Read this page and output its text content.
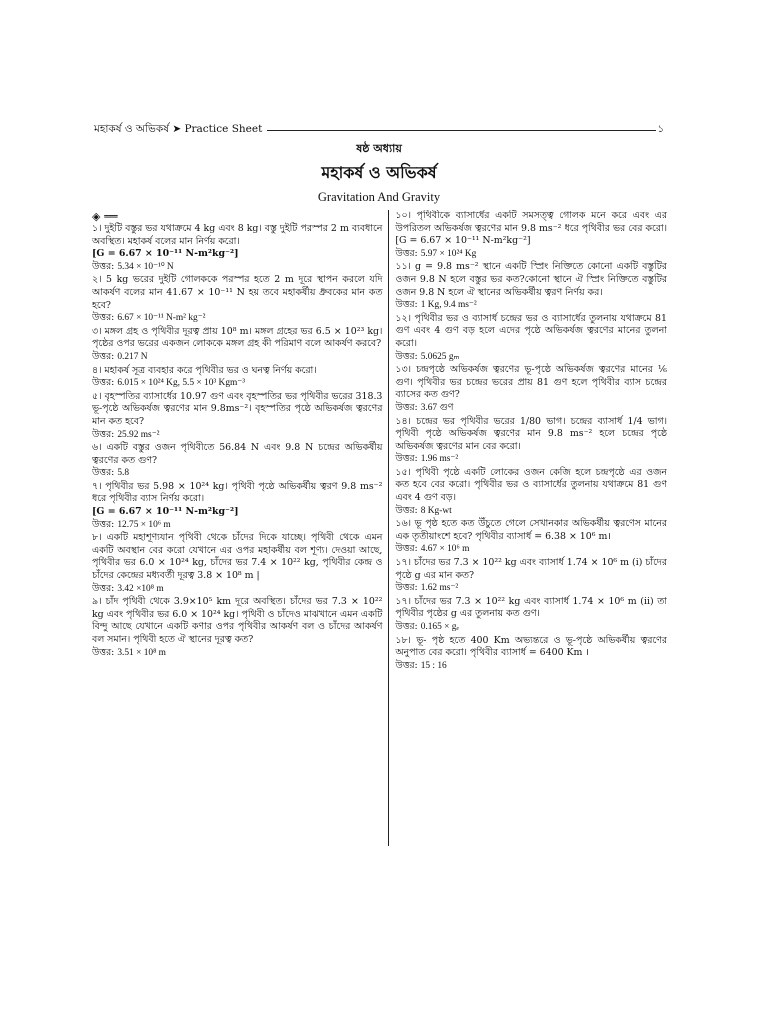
মহাকর্ষ ও অভিকর্ষ ➤ Practice Sheet	১
ষষ্ঠ অধ্যায়
মহাকর্ষ ও অভিকর্ষ
Gravitation And Gravity
◈ ══

১। দুইটি বস্তুর ভর যথাক্রমে 4 kg এবং 8 kg। বস্তু দুইটি পরস্পর 2 m ব্যবধানে অবস্থিত। মহাকর্ষ বলের মান নির্ণয় করো।

[G = 6.67 × 10⁻¹¹ N-m²kg⁻²]

উত্তর: 5.34 × 10⁻¹⁰ N

২। 5 kg ভরের দুইটি গোলককে পরস্পর হতে 2 m দূরে স্থাপন করলে যদি আকর্ষণ বলের মান 41.67 × 10⁻¹¹ N হয় তবে মহাকর্ষীয় ধ্রুবকের মান কত হবে?

উত্তর: 6.67 × 10⁻¹¹ N-m² kg⁻²

৩। মঙ্গল গ্রহ ও পৃথিবীর দূরত্ব প্রায় 10⁸ m। মঙ্গল গ্রহের ভর 6.5 × 10²³ kg। পৃষ্ঠের ওপর ভরের একজন লোককে মঙ্গল গ্রহ কী পরিমাণ বলে আকর্ষণ করবে?

উত্তর: 0.217 N

৪। মহাকর্ষ সূত্র ব্যবহার করে পৃথিবীর ভর ও ঘনত্ব নির্ণয় করো।

উত্তর: 6.015 × 10²⁴ Kg, 5.5 × 10³ Kgm⁻³

৫। বৃহস্পতির ব্যাসার্ধের 10.97 গুণ এবং বৃহস্পতির ভর পৃথিবীর ভরের 318.3 ভূ-পৃষ্ঠে অভিকর্ষজ ত্বরণের মান 9.8ms⁻²। বৃহস্পতির পৃষ্ঠে অভিকর্ষজ ত্বরণের মান কত হবে?

উত্তর: 25.92 ms⁻²

৬। একটি বস্তুর ওজন পৃথিবীতে 56.84 N এবং 9.8 N চন্দ্রের অভিকর্ষীয় ত্বরণের কত গুণ?

উত্তর: 5.8

৭। পৃথিবীর ভর 5.98 × 10²⁴ kg। পৃথিবী পৃষ্ঠে অভিকর্ষীয় ত্বরণ 9.8 ms⁻² ধরে পৃথিবীর ব্যাস নির্ণয় করো।

[G = 6.67 × 10⁻¹¹ N-m²kg⁻²]

উত্তর: 12.75 × 10⁶ m

৮। একটি মহাশূণ্যযান পৃথিবী থেকে চাঁদের দিকে যাচ্ছে। পৃথিবী থেকে এমন একটি অবস্থান বের করো যেখানে এর ওপর মহাকর্ষীয় বল শূণ্য। দেওয়া আছে, পৃথিবীর ভর 6.0 × 10²⁴ kg, চাঁদের ভর 7.4 × 10²² kg, পৃথিবীর কেন্দ্র ও চাঁদের কেন্দ্রের মধ্যবর্তী দূরত্ব 3.8 × 10⁸ m |

উত্তর: 3.42 ×10⁸ m

৯। চাঁদ পৃথিবী থেকে 3.9×10⁵ km দূরে অবস্থিত। চাঁদের ভর 7.3 × 10²² kg এবং পৃথিবীর ভর 6.0 × 10²⁴ kg। পৃথিবী ও চাঁদেও মাঝখানে এমন একটি বিন্দু আছে যেখানে একটি কণার ওপর পৃথিবীর আকর্ষণ বল ও চাঁদের আকর্ষণ বল সমান। পৃথিবী হতে ঐ স্থানের দূরত্ব কত?

উত্তর: 3.51 × 10⁸ m

১০। পৃথিবীকে ব্যাসার্ধের একটি সমসত্ত্ব গোলক মনে করে এবং এর উপরিতল অভিকর্ষজ ত্বরণের মান 9.8 ms⁻² ধরে পৃথিবীর ভর বের করো। [G = 6.67 × 10⁻¹¹ N-m²kg⁻²]

উত্তর: 5.97 × 10²⁴ Kg

১১। g = 9.8 ms⁻² স্থানে একটি স্প্রিং নিক্তিতে কোনো একটি বস্তুটির ওজন 9.8 N হলে বস্তুর ভর কত?কোনো স্থানে ঐ স্প্রিং নিক্তিতে বস্তুটির ওজন 9.8 N হলে ঐ স্থানের অভিকর্ষীয় ত্বরণ নির্ণয় কর।

উত্তর: 1 Kg, 9.4 ms⁻²

১২। পৃথিবীর ভর ও ব্যাসার্ধ চন্দ্রের ভর ও ব্যাসার্ধের তুলনায় যথাক্রমে 81 গুণ এবং 4 গুণ বড় হলে এদের পৃষ্ঠে অভিকর্ষজ ত্বরণের মানের তুলনা করো।

উত্তর: 5.0625 gₘ

১৩। চন্দ্রপৃষ্ঠে অভিকর্ষজ ত্বরণের ভূ-পৃষ্ঠে অভিকর্ষজ ত্বরণের মানের ⅙ গুণ। পৃথিবীর ভর চন্দ্রের ভরের প্রায় 81 গুণ হলে পৃথিবীর ব্যাস চন্দ্রের ব্যাসের কত গুণ?

উত্তর: 3.67 গুণ

১৪। চন্দ্রের ভর পৃথিবীর ভরের 1/80 ভাগ। চন্দ্রের ব্যাসার্ধ 1/4 ভাগ। পৃথিবী পৃষ্ঠে অভিকর্ষজ ত্বরণের মান 9.8 ms⁻² হলে চন্দ্রের পৃষ্ঠে অভিকর্ষজ ত্বরণের মান বের করো।

উত্তর: 1.96 ms⁻²

১৫। পৃথিবী পৃষ্ঠে একটি লোকের ওজন কেজি হলে চন্দ্রপৃষ্ঠে এর ওজন কত হবে বের করো। পৃথিবীর ভর ও ব্যাসার্ধের তুলনায় যথাক্রমে 81 গুণ এবং 4 গুণ বড়।

উত্তর: 8 Kg-wt

১৬। ভূ পৃষ্ঠ হতে কত উঁচুতে গেলে সেখানকার অভিকর্ষীয় ত্বরণেস মানের এক তৃতীয়াংশে হবে? পৃথিবীর ব্যাসার্ধ = 6.38 × 10⁶ m।

উত্তর: 4.67 × 10⁶ m

১৭। চাঁদের ভর 7.3 × 10²² kg এবং ব্যাসার্ধ 1.74 × 10⁶ m (i) চাঁদের পৃষ্ঠে g এর মান কত?

উত্তর: 1.62 ms⁻²

১৭। চাঁদের ভর 7.3 × 10²² kg এবং ব্যাসার্ধ 1.74 × 10⁶ m (ii) তা পৃথিবীর পৃষ্ঠের g এর তুলনায় কত গুণ।

উত্তর: 0.165 × gₑ

১৮। ভূ- পৃষ্ঠ হতে 400 Km অভ্যন্তরে ও ভূ-পৃষ্ঠে অভিকর্ষীয় ত্বরণের অনুপাত বের করো। পৃথিবীর ব্যাসার্ধ = 6400 Km ।

উত্তর: 15 : 16
